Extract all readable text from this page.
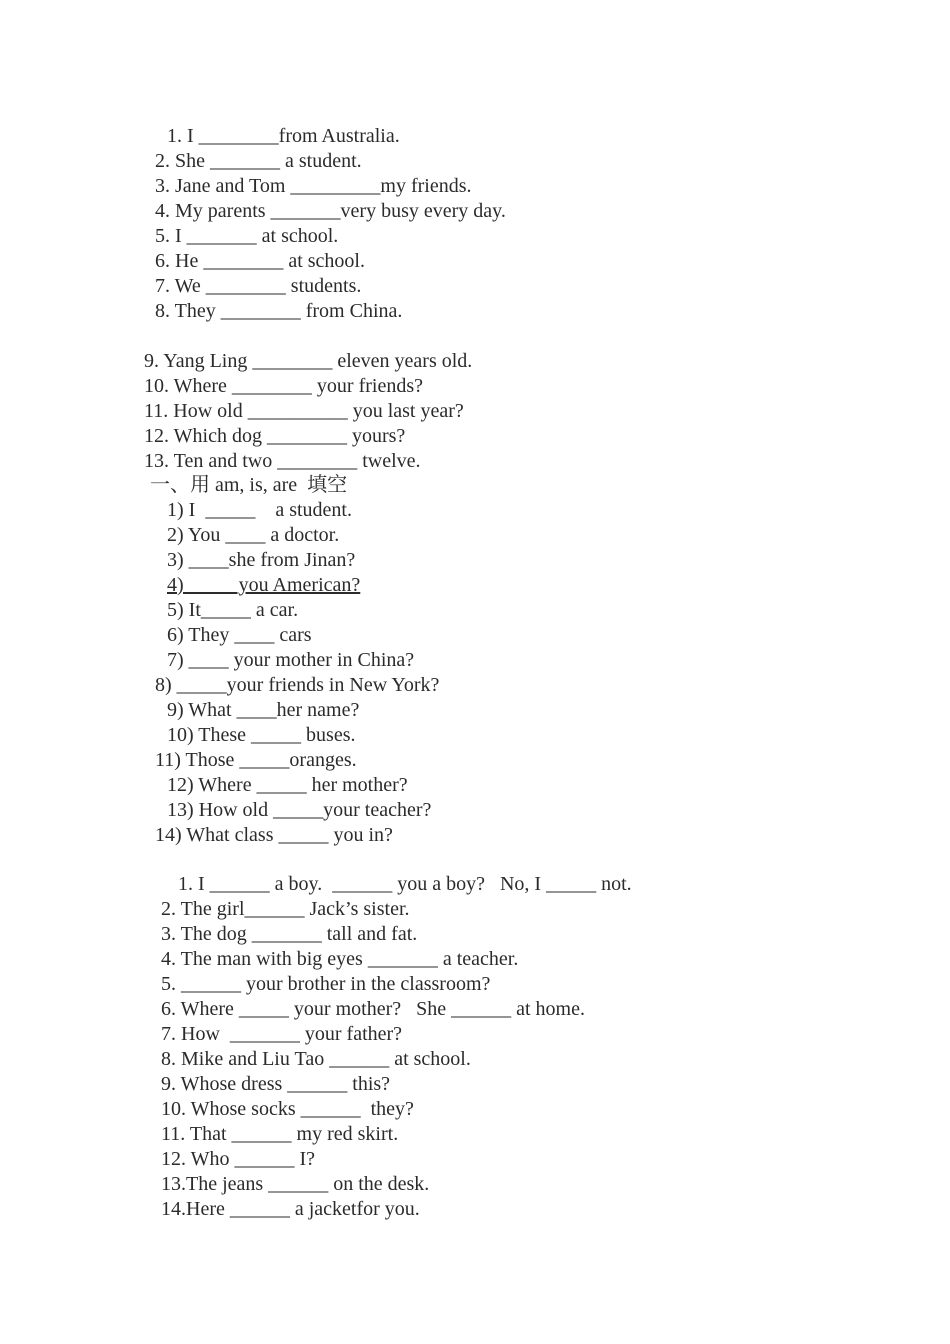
1. I ________from Australia.
2. She _______ a student.
3. Jane and Tom _________my friends.
4. My parents _______very busy every day.
5. I _______ at school.
6. He ________ at school.
7. We ________ students.
8. They ________ from China.
9. Yang Ling ________ eleven years old.
10. Where ________ your friends?
11. How old __________ you last year?
12. Which dog ________ yours?
13. Ten and two ________ twelve.
一、用 am, is, are  填空
1) I  _____    a student.
2) You ____ a doctor.
3) ____she from Jinan?
4) _____you American?
5) It_____ a car.
6) They ____ cars
7) ____ your mother in China?
8) _____your friends in New York?
9) What ____her name?
10) These _____ buses.
11) Those _____oranges.
12) Where _____ her mother?
13) How old _____your teacher?
14) What class _____ you in?
1. I ______ a boy.  ______ you a boy?   No, I _____ not.
2. The girl______ Jack’s sister.
3. The dog _______ tall and fat.
4. The man with big eyes _______ a teacher.
5. ______ your brother in the classroom?
6. Where _____ your mother?   She ______ at home.
7. How  _______ your father?
8. Mike and Liu Tao ______ at school.
9. Whose dress ______ this?
10. Whose socks ______  they?
11. That ______ my red skirt.
12. Who ______ I?
13.The jeans ______ on the desk.
14.Here ______ a jacketfor you.
